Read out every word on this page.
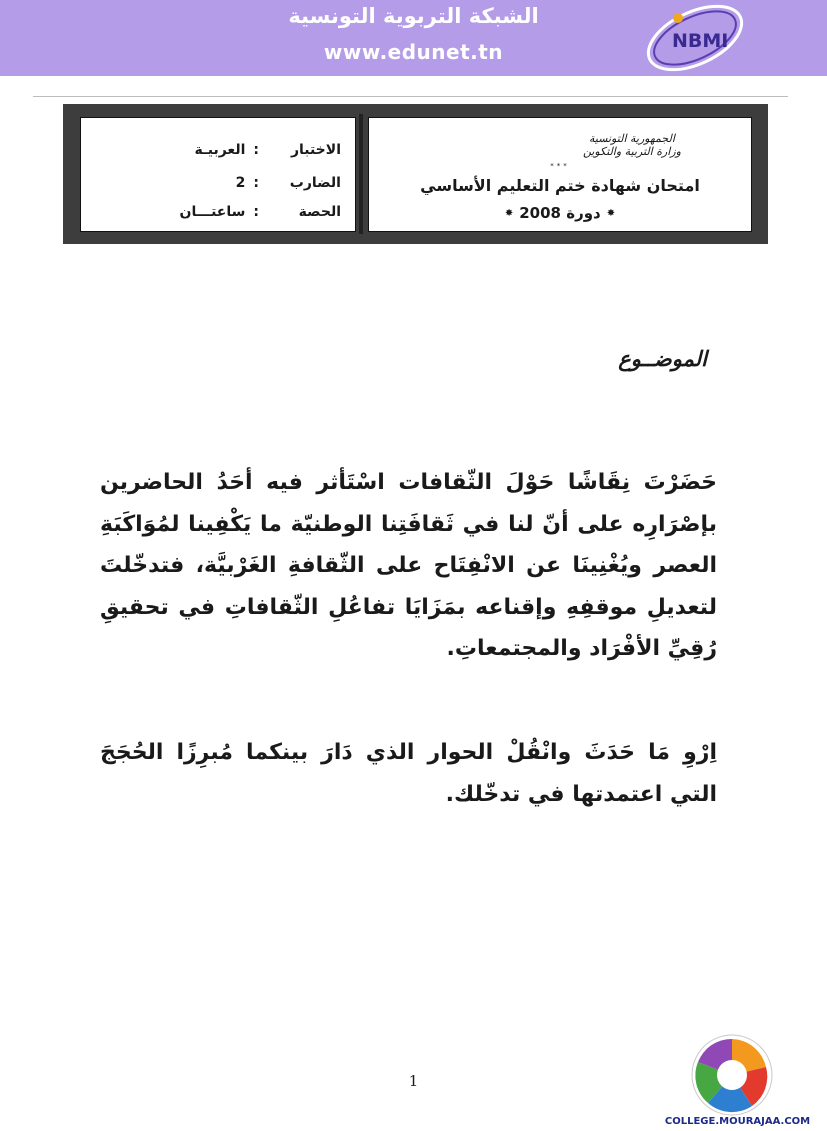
الشبكة التربوية التونسية
www.edunet.tn	NBMI
الاختبار:العربيـة
الضارب:2
الحصة:ساعتـــان
الجمهورية التونسية
وزارة التربية والتكوين
***
امتحان شهادة ختم التعليم الأساسي
✸دورة 2008✸
الموضــوع
حَضَرْتَ نِقَاشًا حَوْلَ الثّقافات اسْتَأثر فيه أحَدُ الحاضرين بإصْرَارِه على أنّ لنا في ثَقافَتِنا الوطنيّة ما يَكْفِينا لمُوَاكَبَةِ العصر ويُغْنِينَا عن الانْفِتَاح على الثّقافةِ الغَرْبيَّة، فتدخّلتَ لتعديلِ موقفِهِ وإقناعه بمَزَايَا تفاعُلِ الثّقافاتِ في تحقيقِ رُقِيِّ الأفْرَاد والمجتمعاتِ.
اِرْوِ مَا حَدَثَ وانْقُلْ الحوار الذي دَارَ بينكما مُبرِزًا الحُجَجَ التي اعتمدتها في تدخّلك.
1
COLLEGE.MOURAJAA.COM
